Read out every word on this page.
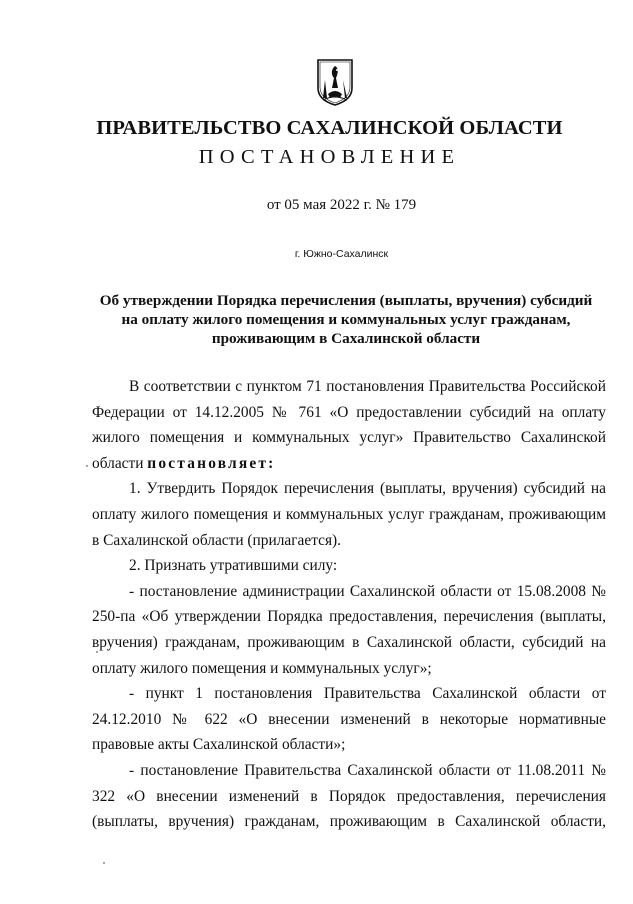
ПРАВИТЕЛЬСТВО САХАЛИНСКОЙ ОБЛАСТИ
ПОСТАНОВЛЕНИЕ
от 05 мая 2022 г. № 179
г. Южно-Сахалинск
Об утверждении Порядка перечисления (выплаты, вручения) субсидий
на оплату жилого помещения и коммунальных услуг гражданам,
проживающим в Сахалинской области

В соответствии с пунктом 71 постановления Правительства Российской Федерации от 14.12.2005 № 761 «О предоставлении субсидий на оплату жилого помещения и коммунальных услуг» Правительство Сахалинской области постановляет:

1. Утвердить Порядок перечисления (выплаты, вручения) субсидий на оплату жилого помещения и коммунальных услуг гражданам, проживающим в Сахалинской области (прилагается).

2. Признать утратившими силу:

- постановление администрации Сахалинской области от 15.08.2008 № 250-па «Об утверждении Порядка предоставления, перечисления (выплаты, вручения) гражданам, проживающим в Сахалинской области, субсидий на оплату жилого помещения и коммунальных услуг»;

- пункт 1 постановления Правительства Сахалинской области от 24.12.2010 № 622 «О внесении изменений в некоторые нормативные правовые акты Сахалинской области»;

- постановление Правительства Сахалинской области от 11.08.2011 № 322 «О внесении изменений в Порядок предоставления, перечисления (выплаты, вручения) гражданам, проживающим в Сахалинской области,
